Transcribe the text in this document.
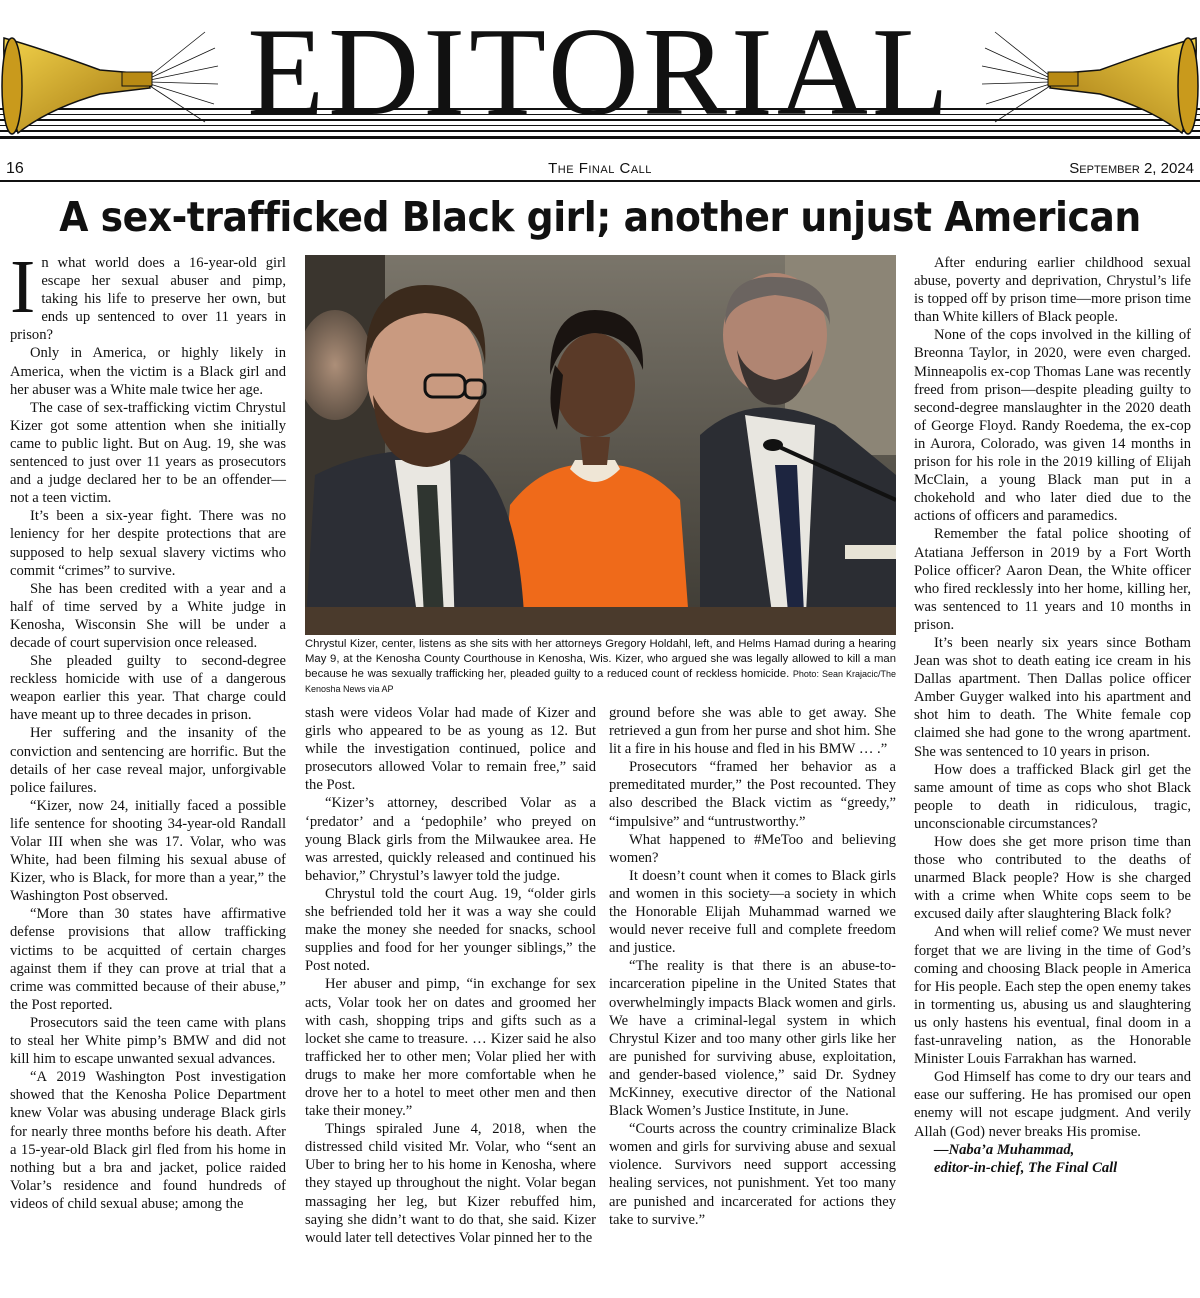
EDITORIAL
16	The Final Call	September 2, 2024
A sex-trafficked Black girl; another unjust American

In what world does a 16-year-old girl escape her sexual abuser and pimp, taking his life to preserve her own, but ends up sentenced to over 11 years in prison?

Only in America, or highly likely in America, when the victim is a Black girl and her abuser was a White male twice her age.

The case of sex-trafficking victim Chrystul Kizer got some attention when she initially came to public light. But on Aug. 19, she was sentenced to just over 11 years as prosecutors and a judge declared her to be an offender—not a teen victim.

It’s been a six-year fight. There was no leniency for her despite protections that are supposed to help sexual slavery victims who commit “crimes” to survive.

She has been credited with a year and a half of time served by a White judge in Kenosha, Wisconsin She will be under a decade of court supervision once released.

She pleaded guilty to second-degree reckless homicide with use of a dangerous weapon earlier this year. That charge could have meant up to three decades in prison.

Her suffering and the insanity of the conviction and sentencing are horrific. But the details of her case reveal major, unforgivable police failures.

“Kizer, now 24, initially faced a possible life sentence for shooting 34-year-old Randall Volar III when she was 17. Volar, who was White, had been filming his sexual abuse of Kizer, who is Black, for more than a year,” the Washington Post observed.

“More than 30 states have affirmative defense provisions that allow trafficking victims to be acquitted of certain charges against them if they can prove at trial that a crime was committed because of their abuse,” the Post reported.

Prosecutors said the teen came with plans to steal her White pimp’s BMW and did not kill him to escape unwanted sexual advances.

“A 2019 Washington Post investigation showed that the Kenosha Police Department knew Volar was abusing underage Black girls for nearly three months before his death. After a 15-year-old Black girl fled from his home in nothing but a bra and jacket, police raided Volar’s residence and found hundreds of videos of child sexual abuse; among the

Chrystul Kizer, center, listens as she sits with her attorneys Gregory Holdahl, left, and Helms Hamad during a hearing May 9, at the Kenosha County Courthouse in Kenosha, Wis. Kizer, who argued she was legally allowed to kill a man because he was sexually trafficking her, pleaded guilty to a reduced count of reckless homicide. Photo: Sean Krajacic/The Kenosha News via AP

stash were videos Volar had made of Kizer and girls who appeared to be as young as 12. But while the investigation continued, police and prosecutors allowed Volar to remain free,” said the Post.

“Kizer’s attorney, described Volar as a ‘predator’ and a ‘pedophile’ who preyed on young Black girls from the Milwaukee area. He was arrested, quickly released and continued his behavior,” Chrystul’s lawyer told the judge.

Chrystul told the court Aug. 19, “older girls she befriended told her it was a way she could make the money she needed for snacks, school supplies and food for her younger siblings,” the Post noted.

Her abuser and pimp, “in exchange for sex acts, Volar took her on dates and groomed her with cash, shopping trips and gifts such as a locket she came to treasure. … Kizer said he also trafficked her to other men; Volar plied her with drugs to make her more comfortable when he drove her to a hotel to meet other men and then take their money.”

Things spiraled June 4, 2018, when the distressed child visited Mr. Volar, who “sent an Uber to bring her to his home in Kenosha, where they stayed up throughout the night. Volar began massaging her leg, but Kizer rebuffed him, saying she didn’t want to do that, she said. Kizer would later tell detectives Volar pinned her to the

ground before she was able to get away. She retrieved a gun from her purse and shot him. She lit a fire in his house and fled in his BMW … .”

Prosecutors “framed her behavior as a premeditated murder,” the Post recounted. They also described the Black victim as “greedy,” “impulsive” and “untrustworthy.”

What happened to #MeToo and believing women?

It doesn’t count when it comes to Black girls and women in this society—a society in which the Honorable Elijah Muhammad warned we would never receive full and complete freedom and justice.

“The reality is that there is an abuse-to-incarceration pipeline in the United States that overwhelmingly impacts Black women and girls. We have a criminal-legal system in which Chrystul Kizer and too many other girls like her are punished for surviving abuse, exploitation, and gender-based violence,” said Dr. Sydney McKinney, executive director of the National Black Women’s Justice Institute, in June.

“Courts across the country criminalize Black women and girls for surviving abuse and sexual violence. Survivors need support accessing healing services, not punishment. Yet too many are punished and incarcerated for actions they take to survive.”

After enduring earlier childhood sexual abuse, poverty and deprivation, Chrystul’s life is topped off by prison time—more prison time than White killers of Black people.

None of the cops involved in the killing of Breonna Taylor, in 2020, were even charged. Minneapolis ex-cop Thomas Lane was recently freed from prison—despite pleading guilty to second-degree manslaughter in the 2020 death of George Floyd. Randy Roedema, the ex-cop in Aurora, Colorado, was given 14 months in prison for his role in the 2019 killing of Elijah McClain, a young Black man put in a chokehold and who later died due to the actions of officers and paramedics.

Remember the fatal police shooting of Atatiana Jefferson in 2019 by a Fort Worth Police officer? Aaron Dean, the White officer who fired recklessly into her home, killing her, was sentenced to 11 years and 10 months in prison.

It’s been nearly six years since Botham Jean was shot to death eating ice cream in his Dallas apartment. Then Dallas police officer Amber Guyger walked into his apartment and shot him to death. The White female cop claimed she had gone to the wrong apartment. She was sentenced to 10 years in prison.

How does a trafficked Black girl get the same amount of time as cops who shot Black people to death in ridiculous, tragic, unconscionable circumstances?

How does she get more prison time than those who contributed to the deaths of unarmed Black people? How is she charged with a crime when White cops seem to be excused daily after slaughtering Black folk?

And when will relief come? We must never forget that we are living in the time of God’s coming and choosing Black people in America for His people. Each step the open enemy takes in tormenting us, abusing us and slaughtering us only hastens his eventual, final doom in a fast-unraveling nation, as the Honorable Minister Louis Farrakhan has warned.

God Himself has come to dry our tears and ease our suffering. He has promised our open enemy will not escape judgment. And verily Allah (God) never breaks His promise.

—Naba’a Muhammad,

editor-in-chief, The Final Call
